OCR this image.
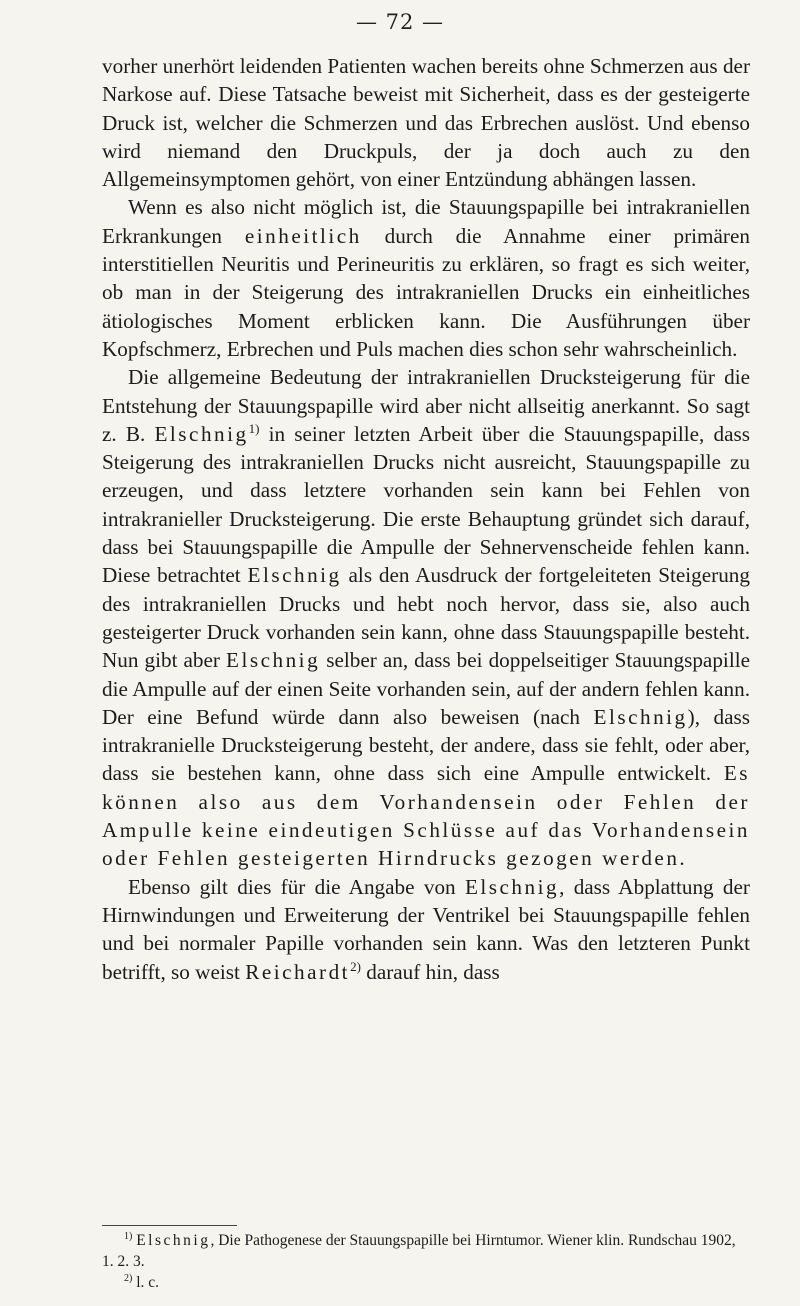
— 72 —

vorher unerhört leidenden Patienten wachen bereits ohne Schmerzen aus der Narkose auf. Diese Tatsache beweist mit Sicherheit, dass es der gesteigerte Druck ist, welcher die Schmerzen und das Erbrechen auslöst. Und ebenso wird niemand den Druckpuls, der ja doch auch zu den Allgemeinsymptomen gehört, von einer Entzündung abhängen lassen.

Wenn es also nicht möglich ist, die Stauungspapille bei intrakraniellen Erkrankungen einheitlich durch die Annahme einer primären interstitiellen Neuritis und Perineuritis zu erklären, so fragt es sich weiter, ob man in der Steigerung des intrakraniellen Drucks ein einheitliches ätiologisches Moment erblicken kann. Die Ausführungen über Kopfschmerz, Erbrechen und Puls machen dies schon sehr wahrscheinlich.

Die allgemeine Bedeutung der intrakraniellen Drucksteigerung für die Entstehung der Stauungspapille wird aber nicht allseitig anerkannt. So sagt z. B. Elschnig$^{1)}$ in seiner letzten Arbeit über die Stauungspapille, dass Steigerung des intrakraniellen Drucks nicht ausreicht, Stauungspapille zu erzeugen, und dass letztere vorhanden sein kann bei Fehlen von intrakranieller Drucksteigerung. Die erste Behauptung gründet sich darauf, dass bei Stauungspapille die Ampulle der Sehnervenscheide fehlen kann. Diese betrachtet Elschnig als den Ausdruck der fortgeleiteten Steigerung des intrakraniellen Drucks und hebt noch hervor, dass sie, also auch gesteigerter Druck vorhanden sein kann, ohne dass Stauungspapille besteht. Nun gibt aber Elschnig selber an, dass bei doppelseitiger Stauungspapille die Ampulle auf der einen Seite vorhanden sein, auf der andern fehlen kann. Der eine Befund würde dann also beweisen (nach Elschnig), dass intrakranielle Drucksteigerung besteht, der andere, dass sie fehlt, oder aber, dass sie bestehen kann, ohne dass sich eine Ampulle entwickelt. Es können also aus dem Vorhandensein oder Fehlen der Ampulle keine eindeutigen Schlüsse auf das Vorhandensein oder Fehlen gesteigerten Hirndrucks gezogen werden.

Ebenso gilt dies für die Angabe von Elschnig, dass Abplattung der Hirnwindungen und Erweiterung der Ventrikel bei Stauungspapille fehlen und bei normaler Papille vorhanden sein kann. Was den letzteren Punkt betrifft, so weist Reichardt$^{2)}$ darauf hin, dass

$^{1)}$ Elschnig, Die Pathogenese der Stauungspapille bei Hirntumor. Wiener klin. Rundschau 1902, 1. 2. 3.

$^{2)}$ l. c.
